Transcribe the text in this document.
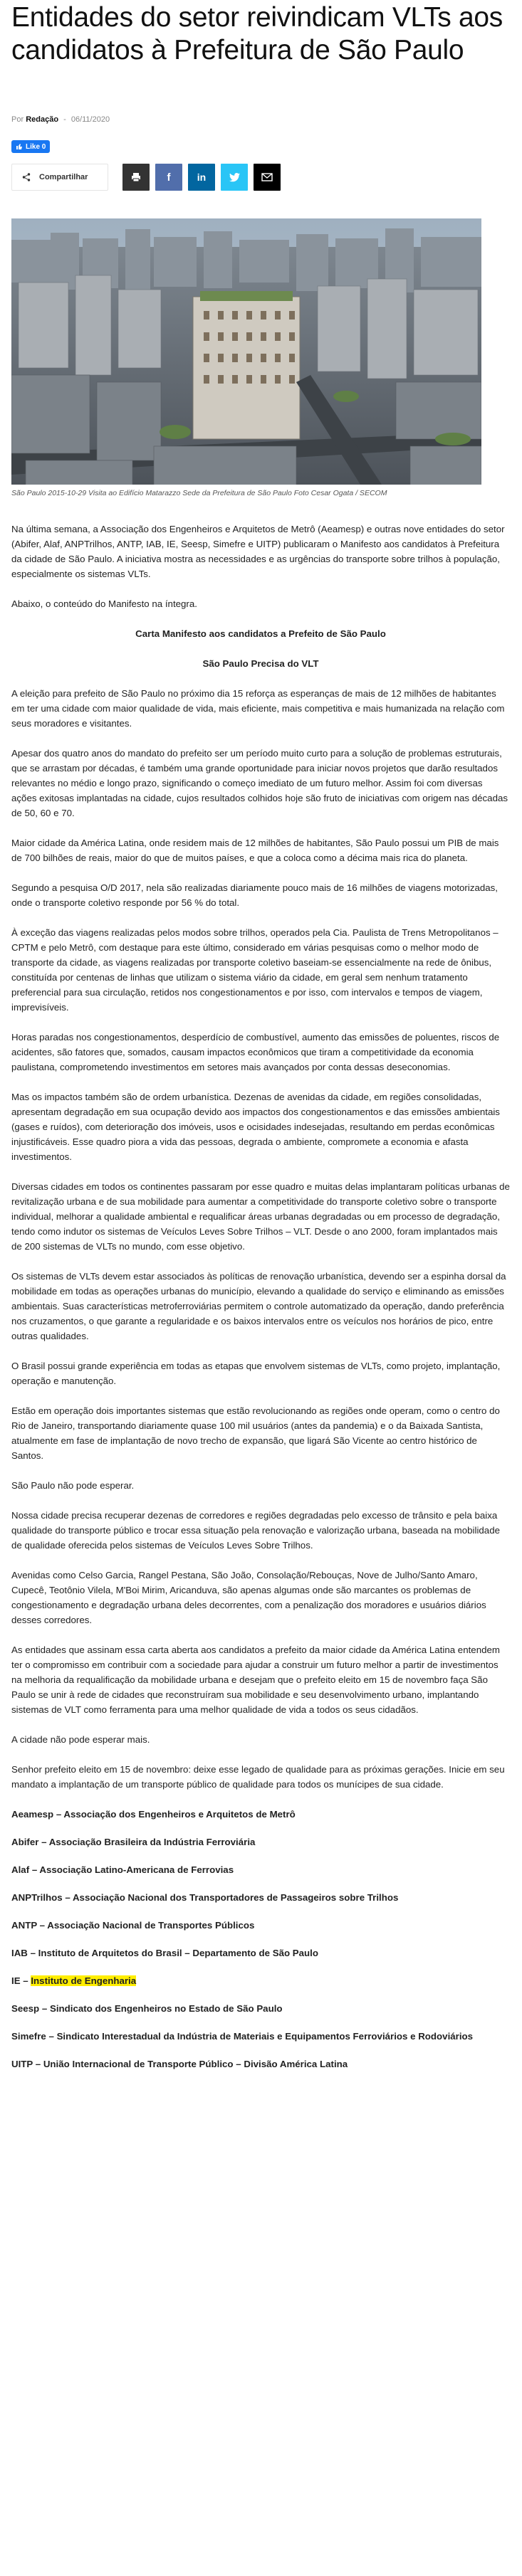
Entidades do setor reivindicam VLTs aos candidatos à Prefeitura de São Paulo
Por Redação - 06/11/2020
Like 0
Compartilhar	f	in
São Paulo 2015-10-29 Visita ao Edifício Matarazzo Sede da Prefeitura de São Paulo Foto Cesar Ogata / SECOM

Na última semana, a Associação dos Engenheiros e Arquitetos de Metrô (Aeamesp) e outras nove entidades do setor (Abifer, Alaf, ANPTrilhos, ANTP, IAB, IE, Seesp, Simefre e UITP) publicaram o Manifesto aos candidatos à Prefeitura da cidade de São Paulo. A iniciativa mostra as necessidades e as urgências do transporte sobre trilhos à população, especialmente os sistemas VLTs.

Abaixo, o conteúdo do Manifesto na íntegra.

Carta Manifesto aos candidatos a Prefeito de São Paulo

São Paulo Precisa do VLT

A eleição para prefeito de São Paulo no próximo dia 15 reforça as esperanças de mais de 12 milhões de habitantes em ter uma cidade com maior qualidade de vida, mais eficiente, mais competitiva e mais humanizada na relação com seus moradores e visitantes.

Apesar dos quatro anos do mandato do prefeito ser um período muito curto para a solução de problemas estruturais, que se arrastam por décadas, é também uma grande oportunidade para iniciar novos projetos que darão resultados relevantes no médio e longo prazo, significando o começo imediato de um futuro melhor. Assim foi com diversas ações exitosas implantadas na cidade, cujos resultados colhidos hoje são fruto de iniciativas com origem nas décadas de 50, 60 e 70.

Maior cidade da América Latina, onde residem mais de 12 milhões de habitantes, São Paulo possui um PIB de mais de 700 bilhões de reais, maior do que de muitos países, e que a coloca como a décima mais rica do planeta.

Segundo a pesquisa O/D 2017, nela são realizadas diariamente pouco mais de 16 milhões de viagens motorizadas, onde o transporte coletivo responde por 56 % do total.

À exceção das viagens realizadas pelos modos sobre trilhos, operados pela Cia. Paulista de Trens Metropolitanos – CPTM e pelo Metrô, com destaque para este último, considerado em várias pesquisas como o melhor modo de transporte da cidade, as viagens realizadas por transporte coletivo baseiam-se essencialmente na rede de ônibus, constituída por centenas de linhas que utilizam o sistema viário da cidade, em geral sem nenhum tratamento preferencial para sua circulação, retidos nos congestionamentos e por isso, com intervalos e tempos de viagem, imprevisíveis.

Horas paradas nos congestionamentos, desperdício de combustível, aumento das emissões de poluentes, riscos de acidentes, são fatores que, somados, causam impactos econômicos que tiram a competitividade da economia paulistana, comprometendo investimentos em setores mais avançados por conta dessas deseconomias.

Mas os impactos também são de ordem urbanística. Dezenas de avenidas da cidade, em regiões consolidadas, apresentam degradação em sua ocupação devido aos impactos dos congestionamentos e das emissões ambientais (gases e ruídos), com deterioração dos imóveis, usos e ocisidades indesejadas, resultando em perdas econômicas injustificáveis. Esse quadro piora a vida das pessoas, degrada o ambiente, compromete a economia e afasta investimentos.

Diversas cidades em todos os continentes passaram por esse quadro e muitas delas implantaram políticas urbanas de revitalização urbana e de sua mobilidade para aumentar a competitividade do transporte coletivo sobre o transporte individual, melhorar a qualidade ambiental e requalificar áreas urbanas degradadas ou em processo de degradação, tendo como indutor os sistemas de Veículos Leves Sobre Trilhos – VLT. Desde o ano 2000, foram implantados mais de 200 sistemas de VLTs no mundo, com esse objetivo.

Os sistemas de VLTs devem estar associados às políticas de renovação urbanística, devendo ser a espinha dorsal da mobilidade em todas as operações urbanas do município, elevando a qualidade do serviço e eliminando as emissões ambientais. Suas características metroferroviárias permitem o controle automatizado da operação, dando preferência nos cruzamentos, o que garante a regularidade e os baixos intervalos entre os veículos nos horários de pico, entre outras qualidades.

O Brasil possui grande experiência em todas as etapas que envolvem sistemas de VLTs, como projeto, implantação, operação e manutenção.

Estão em operação dois importantes sistemas que estão revolucionando as regiões onde operam, como o centro do Rio de Janeiro, transportando diariamente quase 100 mil usuários (antes da pandemia) e o da Baixada Santista, atualmente em fase de implantação de novo trecho de expansão, que ligará São Vicente ao centro histórico de Santos.

São Paulo não pode esperar.

Nossa cidade precisa recuperar dezenas de corredores e regiões degradadas pelo excesso de trânsito e pela baixa qualidade do transporte público e trocar essa situação pela renovação e valorização urbana, baseada na mobilidade de qualidade oferecida pelos sistemas de Veículos Leves Sobre Trilhos.

Avenidas como Celso Garcia, Rangel Pestana, São João, Consolação/Rebouças, Nove de Julho/Santo Amaro, Cupecê, Teotônio Vilela, M'Boi Mirim, Aricanduva, são apenas algumas onde são marcantes os problemas de congestionamento e degradação urbana deles decorrentes, com a penalização dos moradores e usuários diários desses corredores.

As entidades que assinam essa carta aberta aos candidatos a prefeito da maior cidade da América Latina entendem ter o compromisso em contribuir com a sociedade para ajudar a construir um futuro melhor a partir de investimentos na melhoria da requalificação da mobilidade urbana e desejam que o prefeito eleito em 15 de novembro faça São Paulo se unir à rede de cidades que reconstruíram sua mobilidade e seu desenvolvimento urbano, implantando sistemas de VLT como ferramenta para uma melhor qualidade de vida a todos os seus cidadãos.

A cidade não pode esperar mais.

Senhor prefeito eleito em 15 de novembro: deixe esse legado de qualidade para as próximas gerações. Inicie em seu mandato a implantação de um transporte público de qualidade para todos os munícipes de sua cidade.

Aeamesp – Associação dos Engenheiros e Arquitetos de Metrô

Abifer – Associação Brasileira da Indústria Ferroviária

Alaf – Associação Latino-Americana de Ferrovias

ANPTrilhos – Associação Nacional dos Transportadores de Passageiros sobre Trilhos

ANTP – Associação Nacional de Transportes Públicos

IAB – Instituto de Arquitetos do Brasil – Departamento de São Paulo

IE – Instituto de Engenharia

Seesp – Sindicato dos Engenheiros no Estado de São Paulo

Simefre – Sindicato Interestadual da Indústria de Materiais e Equipamentos Ferroviários e Rodoviários

UITP – União Internacional de Transporte Público – Divisão América Latina
